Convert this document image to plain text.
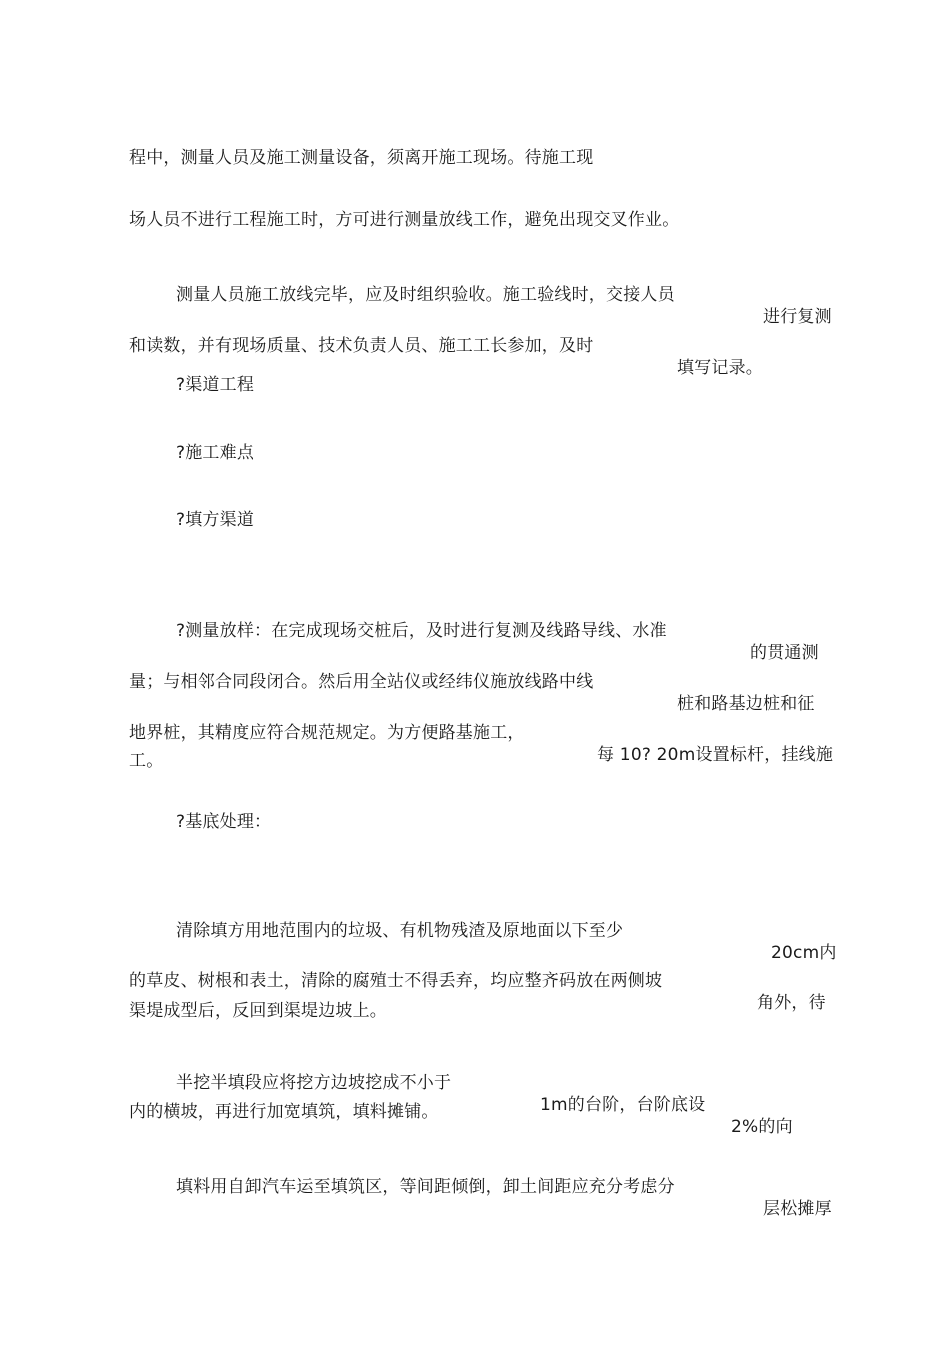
程中，测量人员及施工测量设备，须离开施工现场。待施工现

场人员不进行工程施工时，方可进行测量放线工作，避免出现交叉作业。

测量人员施工放线完毕，应及时组织验收。施工验线时，交接人员

进行复测

和读数，并有现场质量、技术负责人员、施工工长参加，及时

填写记录。

?渠道工程

?施工难点

?填方渠道

?测量放样：在完成现场交桩后，及时进行复测及线路导线、水准

的贯通测

量；与相邻合同段闭合。然后用全站仪或经纬仪施放线路中线

桩和路基边桩和征

地界桩，其精度应符合规范规定。为方便路基施工，

每 10? 20m设置标杆，挂线施

工。

?基底处理：

清除填方用地范围内的垃圾、有机物残渣及原地面以下至少

20cm内

的草皮、树根和表土，清除的腐殖士不得丢弃，均应整齐码放在两侧坡

角外，待

渠堤成型后，反回到渠堤边坡上。

半挖半填段应将挖方边坡挖成不小于

1m的台阶，台阶底设

2%的向

内的横坡，再进行加宽填筑，填料摊铺。

填料用自卸汽车运至填筑区，等间距倾倒，卸土间距应充分考虑分

层松摊厚
